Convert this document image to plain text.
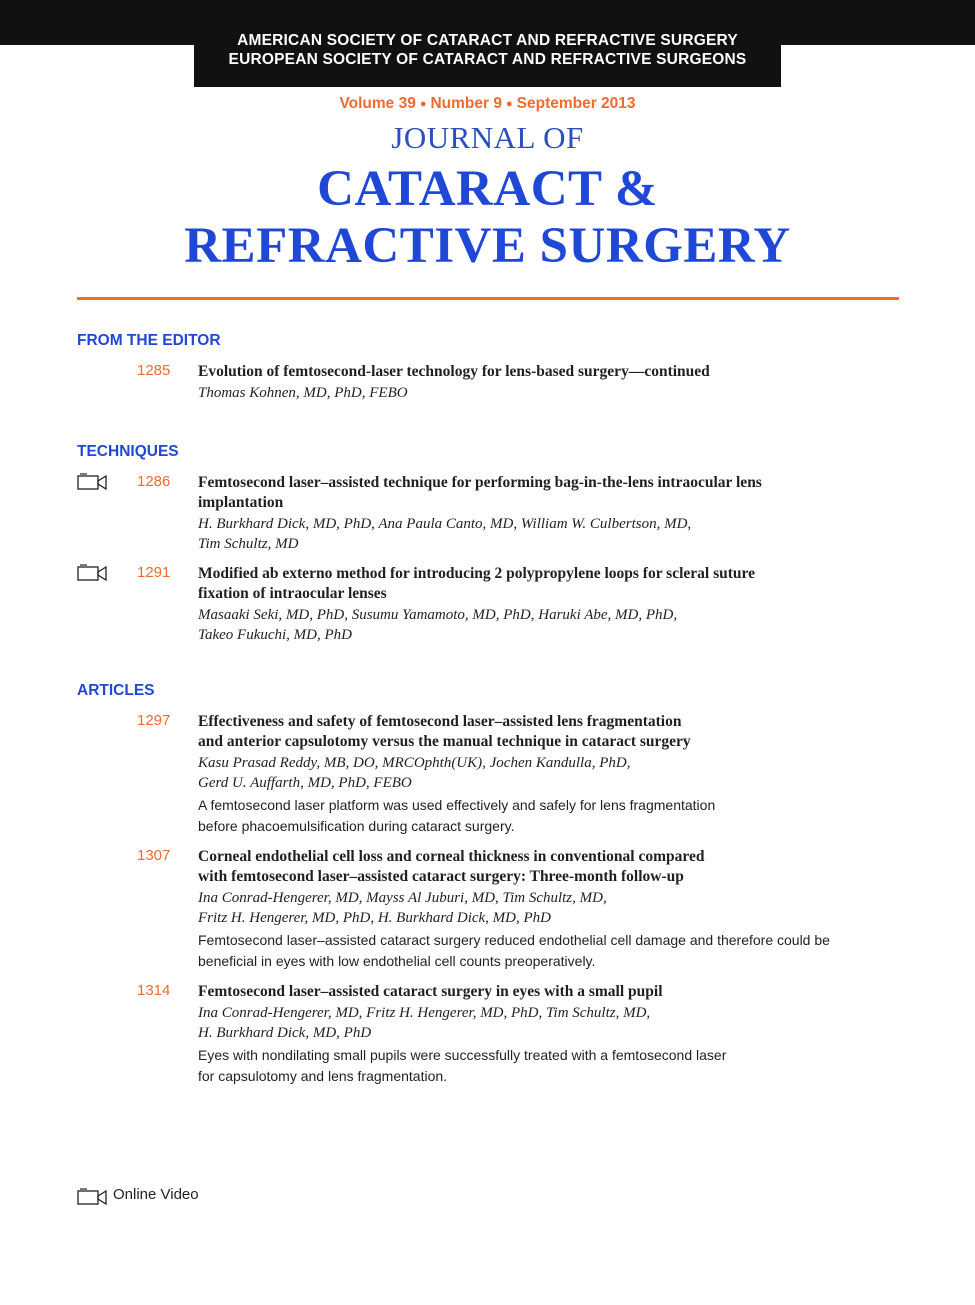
AMERICAN SOCIETY OF CATARACT AND REFRACTIVE SURGERY
EUROPEAN SOCIETY OF CATARACT AND REFRACTIVE SURGEONS
Volume 39 ● Number 9 ● September 2013
JOURNAL OF
CATARACT &
REFRACTIVE SURGERY
FROM THE EDITOR
TECHNIQUES
ARTICLES
1285 Evolution of femtosecond-laser technology for lens-based surgery—continued
Thomas Kohnen, MD, PhD, FEBO
1286 Femtosecond laser–assisted technique for performing bag-in-the-lens intraocular lens
implantation
H. Burkhard Dick, MD, PhD, Ana Paula Canto, MD, William W. Culbertson, MD,
Tim Schultz, MD
1291 Modified ab externo method for introducing 2 polypropylene loops for scleral suture
fixation of intraocular lenses
Masaaki Seki, MD, PhD, Susumu Yamamoto, MD, PhD, Haruki Abe, MD, PhD,
Takeo Fukuchi, MD, PhD
1297 Effectiveness and safety of femtosecond laser–assisted lens fragmentation
and anterior capsulotomy versus the manual technique in cataract surgery
Kasu Prasad Reddy, MB, DO, MRCOphth(UK), Jochen Kandulla, PhD,
Gerd U. Auffarth, MD, PhD, FEBO
A femtosecond laser platform was used effectively and safely for lens fragmentation
before phacoemulsification during cataract surgery.
1307 Corneal endothelial cell loss and corneal thickness in conventional compared
with femtosecond laser–assisted cataract surgery: Three-month follow-up
Ina Conrad-Hengerer, MD, Mayss Al Juburi, MD, Tim Schultz, MD,
Fritz H. Hengerer, MD, PhD, H. Burkhard Dick, MD, PhD
Femtosecond laser–assisted cataract surgery reduced endothelial cell damage and therefore could be
beneficial in eyes with low endothelial cell counts preoperatively.
1314 Femtosecond laser–assisted cataract surgery in eyes with a small pupil
Ina Conrad-Hengerer, MD, Fritz H. Hengerer, MD, PhD, Tim Schultz, MD,
H. Burkhard Dick, MD, PhD
Eyes with nondilating small pupils were successfully treated with a femtosecond laser
for capsulotomy and lens fragmentation.
Online Video
